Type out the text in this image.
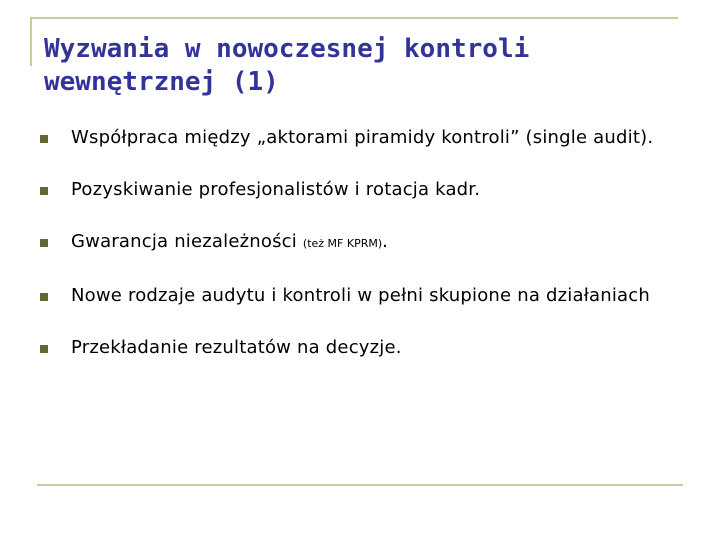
Wyzwania w nowoczesnej kontroli
wewnętrznej (1)
Współpraca między „aktorami piramidy kontroli” (single audit).
Pozyskiwanie profesjonalistów i rotacja kadr.
Gwarancja niezależności (też MF KPRM).
Nowe rodzaje audytu i kontroli w pełni skupione na działaniach
Przekładanie rezultatów na decyzje.
